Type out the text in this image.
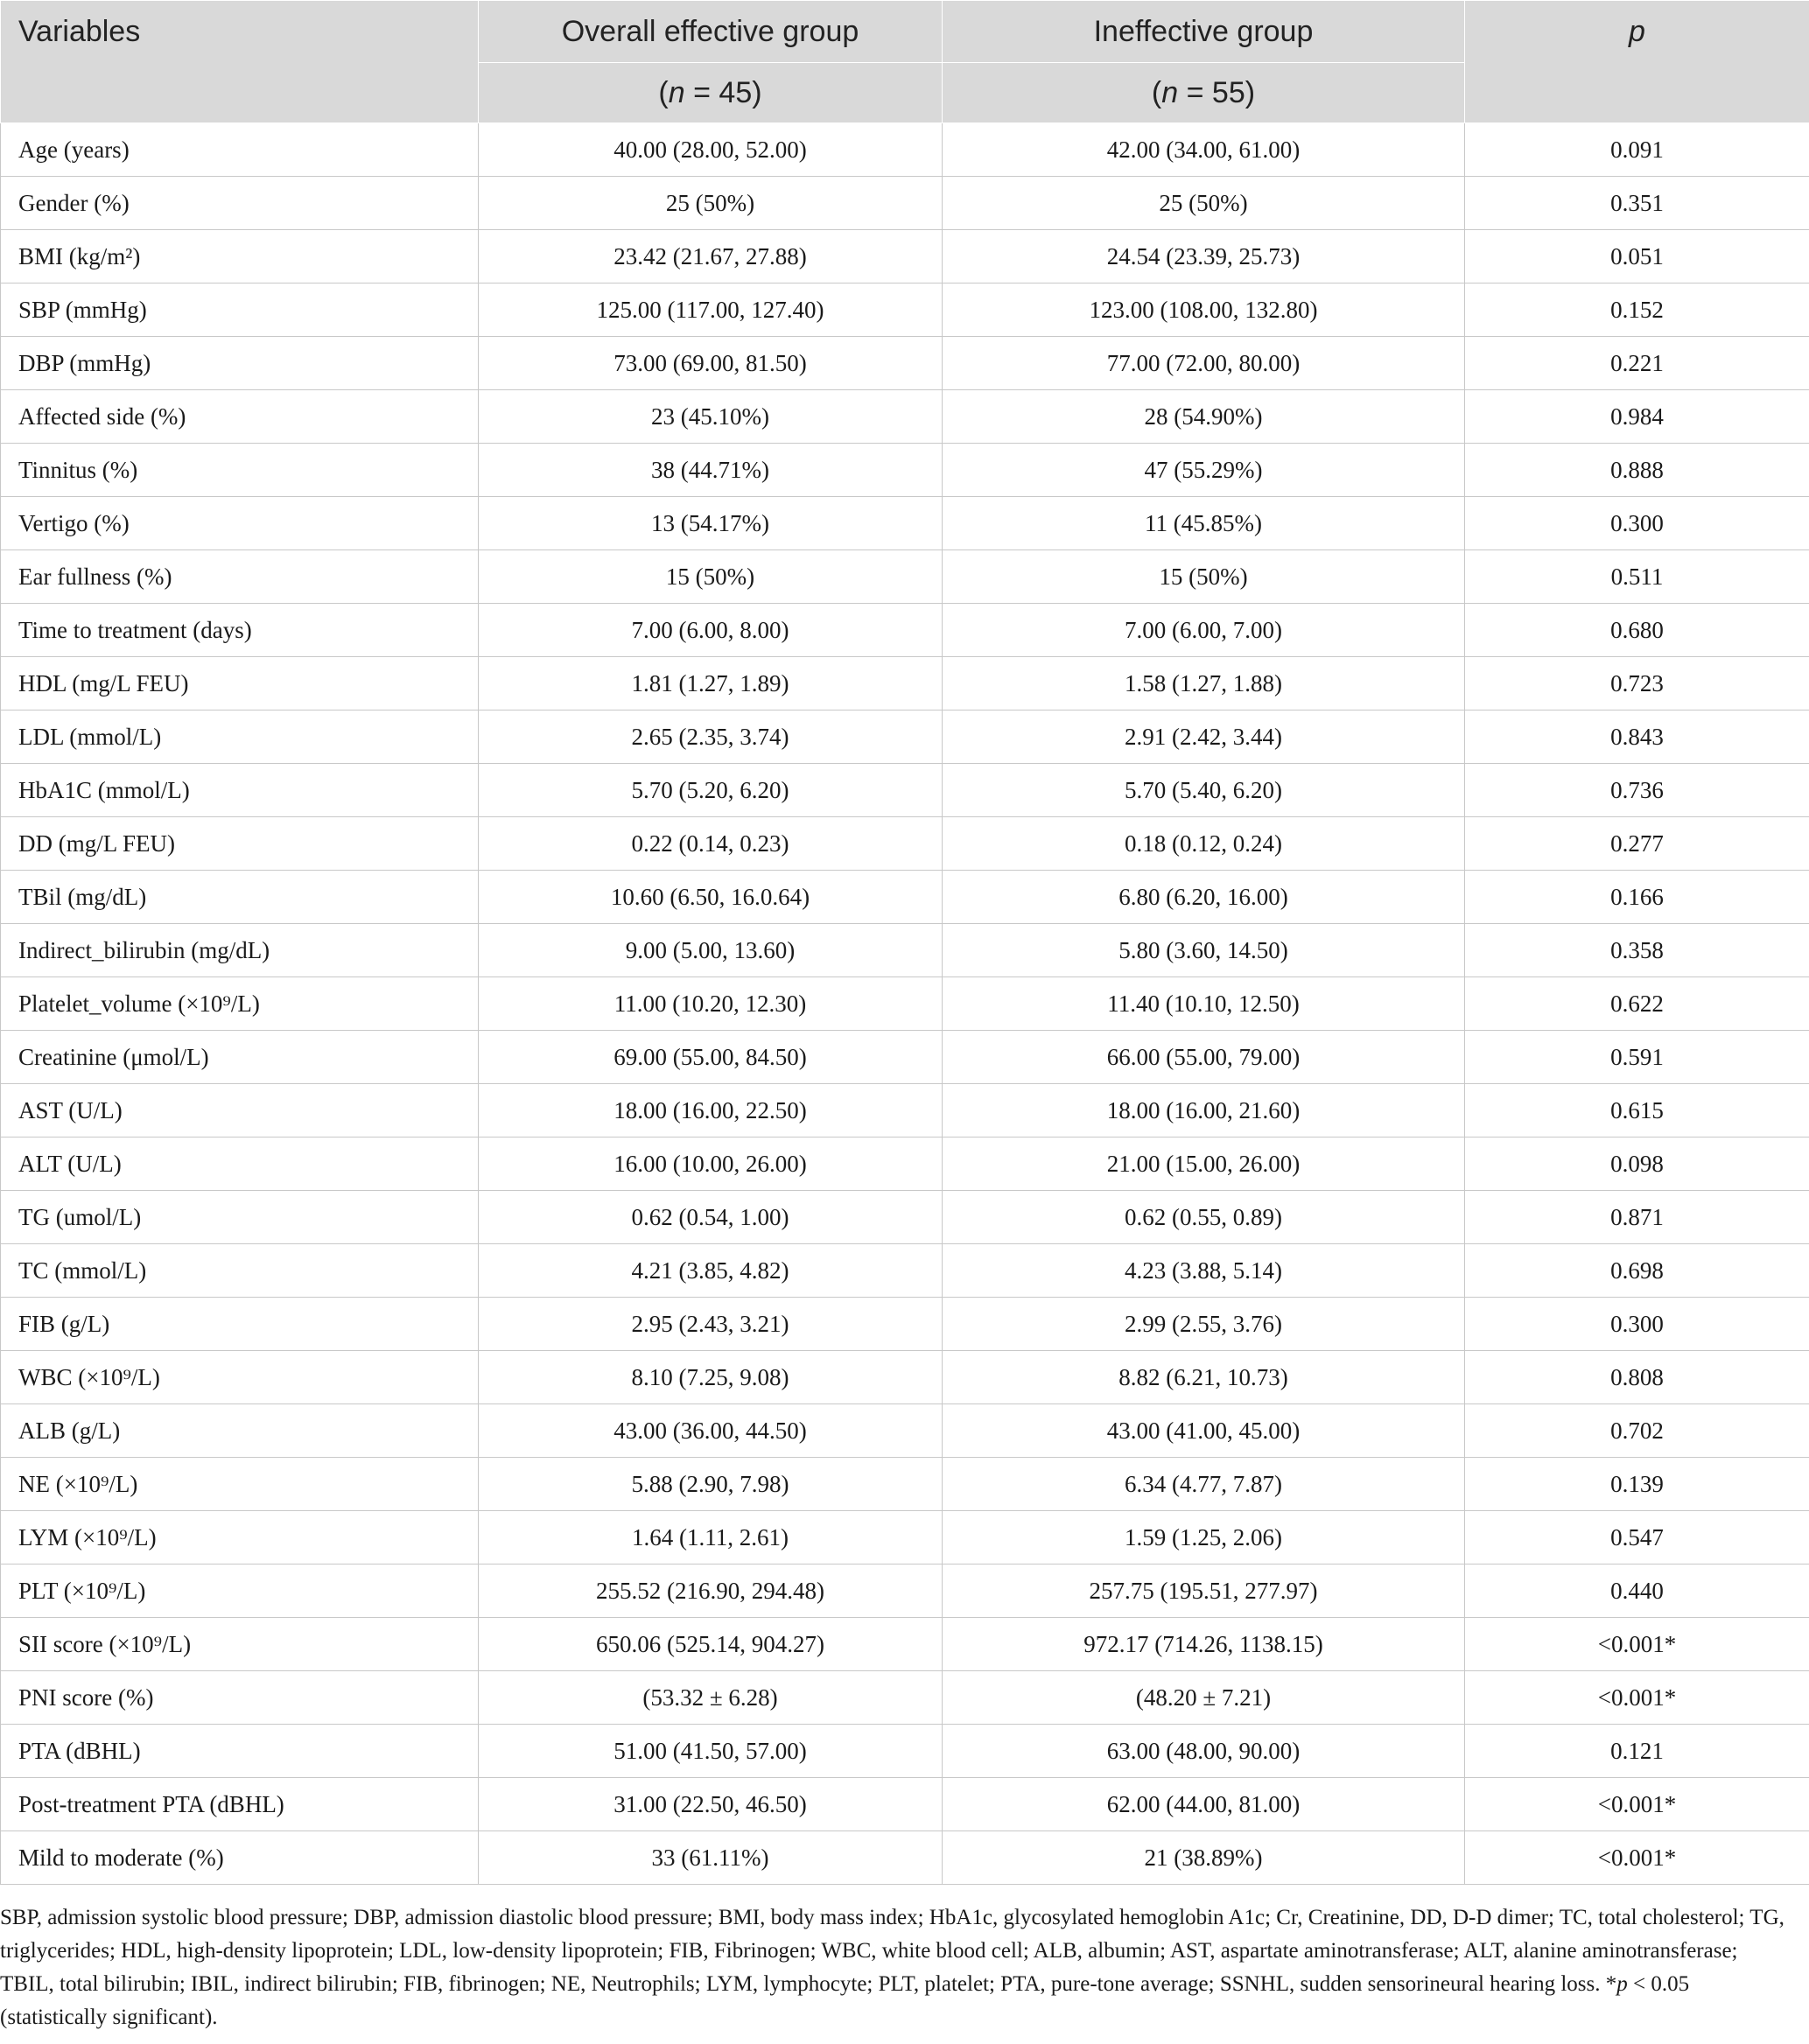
Variables	Overall effective group	Ineffective group	p
	(n = 45)	(n = 55)	
Age (years)	40.00 (28.00, 52.00)	42.00 (34.00, 61.00)	0.091
Gender (%)	25 (50%)	25 (50%)	0.351
BMI (kg/m²)	23.42 (21.67, 27.88)	24.54 (23.39, 25.73)	0.051
SBP (mmHg)	125.00 (117.00, 127.40)	123.00 (108.00, 132.80)	0.152
DBP (mmHg)	73.00 (69.00, 81.50)	77.00 (72.00, 80.00)	0.221
Affected side (%)	23 (45.10%)	28 (54.90%)	0.984
Tinnitus (%)	38 (44.71%)	47 (55.29%)	0.888
Vertigo (%)	13 (54.17%)	11 (45.85%)	0.300
Ear fullness (%)	15 (50%)	15 (50%)	0.511
Time to treatment (days)	7.00 (6.00, 8.00)	7.00 (6.00, 7.00)	0.680
HDL (mg/L FEU)	1.81 (1.27, 1.89)	1.58 (1.27, 1.88)	0.723
LDL (mmol/L)	2.65 (2.35, 3.74)	2.91 (2.42, 3.44)	0.843
HbA1C (mmol/L)	5.70 (5.20, 6.20)	5.70 (5.40, 6.20)	0.736
DD (mg/L FEU)	0.22 (0.14, 0.23)	0.18 (0.12, 0.24)	0.277
TBil (mg/dL)	10.60 (6.50, 16.0.64)	6.80 (6.20, 16.00)	0.166
Indirect_bilirubin (mg/dL)	9.00 (5.00, 13.60)	5.80 (3.60, 14.50)	0.358
Platelet_volume (×10⁹/L)	11.00 (10.20, 12.30)	11.40 (10.10, 12.50)	0.622
Creatinine (μmol/L)	69.00 (55.00, 84.50)	66.00 (55.00, 79.00)	0.591
AST (U/L)	18.00 (16.00, 22.50)	18.00 (16.00, 21.60)	0.615
ALT (U/L)	16.00 (10.00, 26.00)	21.00 (15.00, 26.00)	0.098
TG (umol/L)	0.62 (0.54, 1.00)	0.62 (0.55, 0.89)	0.871
TC (mmol/L)	4.21 (3.85, 4.82)	4.23 (3.88, 5.14)	0.698
FIB (g/L)	2.95 (2.43, 3.21)	2.99 (2.55, 3.76)	0.300
WBC (×10⁹/L)	8.10 (7.25, 9.08)	8.82 (6.21, 10.73)	0.808
ALB (g/L)	43.00 (36.00, 44.50)	43.00 (41.00, 45.00)	0.702
NE (×10⁹/L)	5.88 (2.90, 7.98)	6.34 (4.77, 7.87)	0.139
LYM (×10⁹/L)	1.64 (1.11, 2.61)	1.59 (1.25, 2.06)	0.547
PLT (×10⁹/L)	255.52 (216.90, 294.48)	257.75 (195.51, 277.97)	0.440
SII score (×10⁹/L)	650.06 (525.14, 904.27)	972.17 (714.26, 1138.15)	<0.001*
PNI score (%)	(53.32 ± 6.28)	(48.20 ± 7.21)	<0.001*
PTA (dBHL)	51.00 (41.50, 57.00)	63.00 (48.00, 90.00)	0.121
Post-treatment PTA (dBHL)	31.00 (22.50, 46.50)	62.00 (44.00, 81.00)	<0.001*
Mild to moderate (%)	33 (61.11%)	21 (38.89%)	<0.001*
SBP, admission systolic blood pressure; DBP, admission diastolic blood pressure; BMI, body mass index; HbA1c, glycosylated hemoglobin A1c; Cr, Creatinine, DD, D-D dimer; TC, total cholesterol; TG, triglycerides; HDL, high-density lipoprotein; LDL, low-density lipoprotein; FIB, Fibrinogen; WBC, white blood cell; ALB, albumin; AST, aspartate aminotransferase; ALT, alanine aminotransferase; TBIL, total bilirubin; IBIL, indirect bilirubin; FIB, fibrinogen; NE, Neutrophils; LYM, lymphocyte; PLT, platelet; PTA, pure-tone average; SSNHL, sudden sensorineural hearing loss. *p < 0.05 (statistically significant).
